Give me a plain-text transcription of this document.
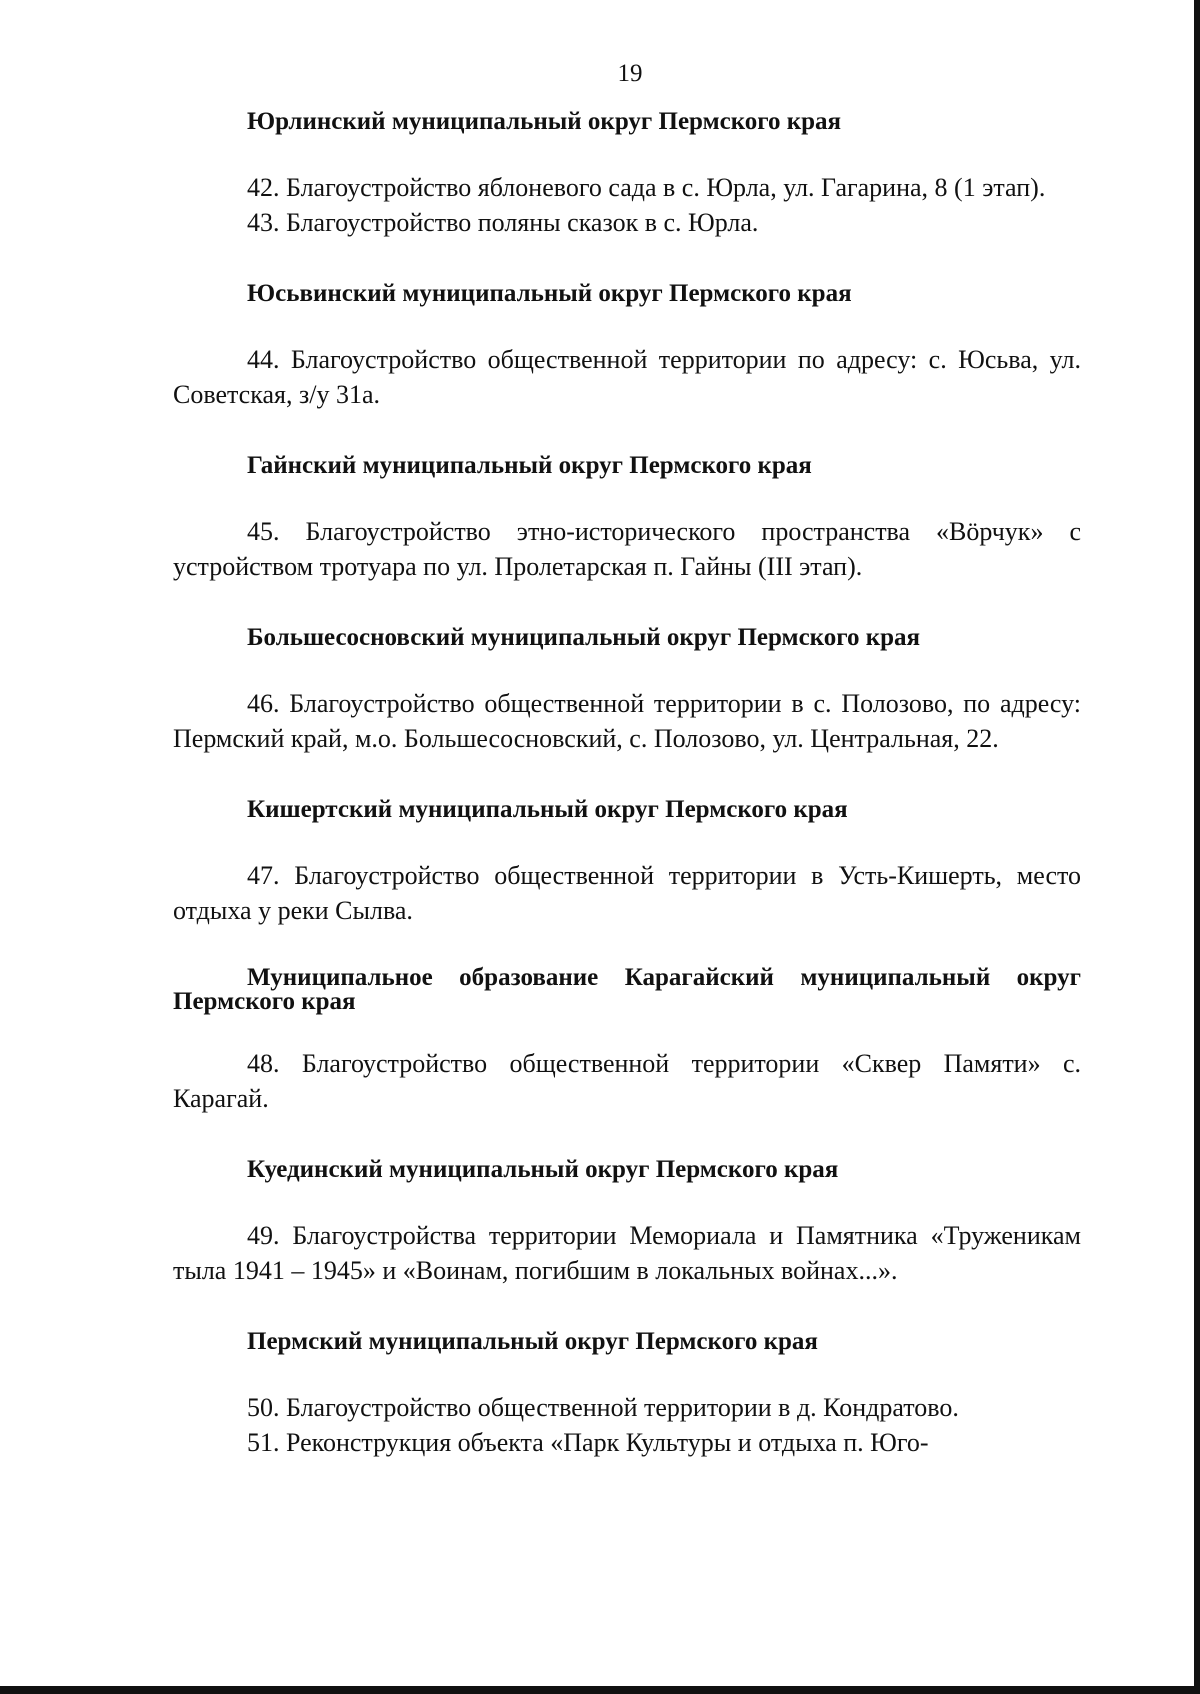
19

Юрлинский муниципальный округ Пермского края

42. Благоустройство яблоневого сада в с. Юрла, ул. Гагарина, 8 (1 этап).

43. Благоустройство поляны сказок в с. Юрла.

Юсьвинский муниципальный округ Пермского края

44. Благоустройство общественной территории по адресу: с. Юсьва, ул. Советская, з/у 31а.

Гайнский муниципальный округ Пермского края

45. Благоустройство этно-исторического пространства «Вӧрчук» с устройством тротуара по ул. Пролетарская п. Гайны (III этап).

Большесосновский муниципальный округ Пермского края

46. Благоустройство общественной территории в с. Полозово, по адресу: Пермский край, м.о. Большесосновский, с. Полозово, ул. Центральная, 22.

Кишертский муниципальный округ Пермского края

47. Благоустройство общественной территории в Усть-Кишерть, место отдыха у реки Сылва.

Муниципальное образование Карагайский муниципальный округ Пермского края

48. Благоустройство общественной территории «Сквер Памяти» с. Карагай.

Куединский муниципальный округ Пермского края

49. Благоустройства территории Мемориала и Памятника «Труженикам тыла 1941 – 1945» и «Воинам, погибшим в локальных войнах...».

Пермский муниципальный округ Пермского края

50. Благоустройство общественной территории в д. Кондратово.

51. Реконструкция объекта «Парк Культуры и отдыха п. Юго-
